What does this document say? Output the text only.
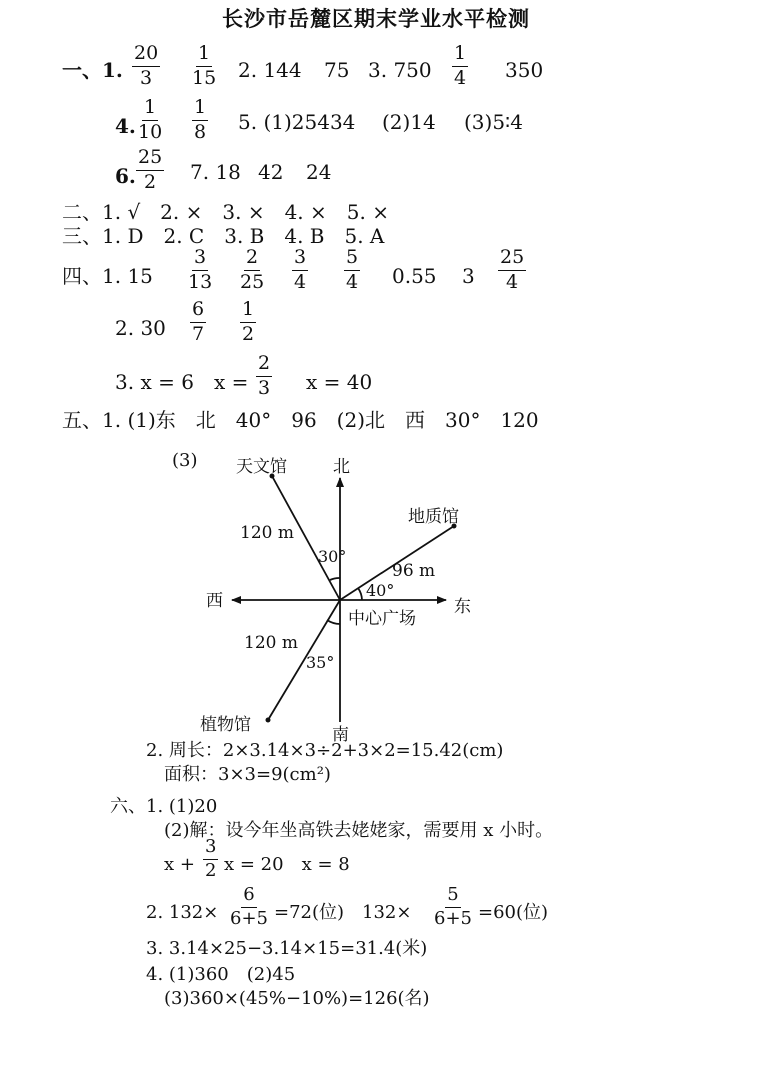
长沙市岳麓区期末学业水平检测
一、1. $\frac{20}{3} \frac{1}{15} 2$. 144 75 3. $750 \frac{1}{4} 350$
4. $\frac{1}{10} \frac{1}{8} 5$. (1)25434 (2)14 (3)5∶4
6. $\frac{25}{2} 7$. 18 42 24
二、1. √　2. ×　3. ×　4. ×　5. ×
三、1. D　2. C　3. B　4. B　5. A
四、1. $15 \frac{3}{13} \frac{2}{25} \frac{3}{4} \frac{5}{4} 0.55$ $3 \frac{25}{4}$
2. $30 \frac{6}{7} \frac{1}{2}$
3. x = 6 $x = \frac{2}{3}$ x = 40
五、1. (1)东　北　40°　96　(2)北　西　30°　120
(3)	北
南
东
西
中心广场
天文馆
地质馆
植物馆
120 m
96 m
120 m
30°
40°
35°
2. 周长：2×3.14×3÷2+3×2=15.42(cm)
面积：3×3=9(cm²)
六、1. (1)20
(2)解：设今年坐高铁去姥姥家，需要用 x 小时。
$x + \frac{3}{2}$ x = 20　x = 8
2. $132\times \frac{6}{6+5} =72$(位)　$132\times \frac{5}{6+5} =60$(位)
3. 3.14×25−3.14×15=31.4(米)
4. (1)360　(2)45
(3)360×(45%−10%)=126(名)
